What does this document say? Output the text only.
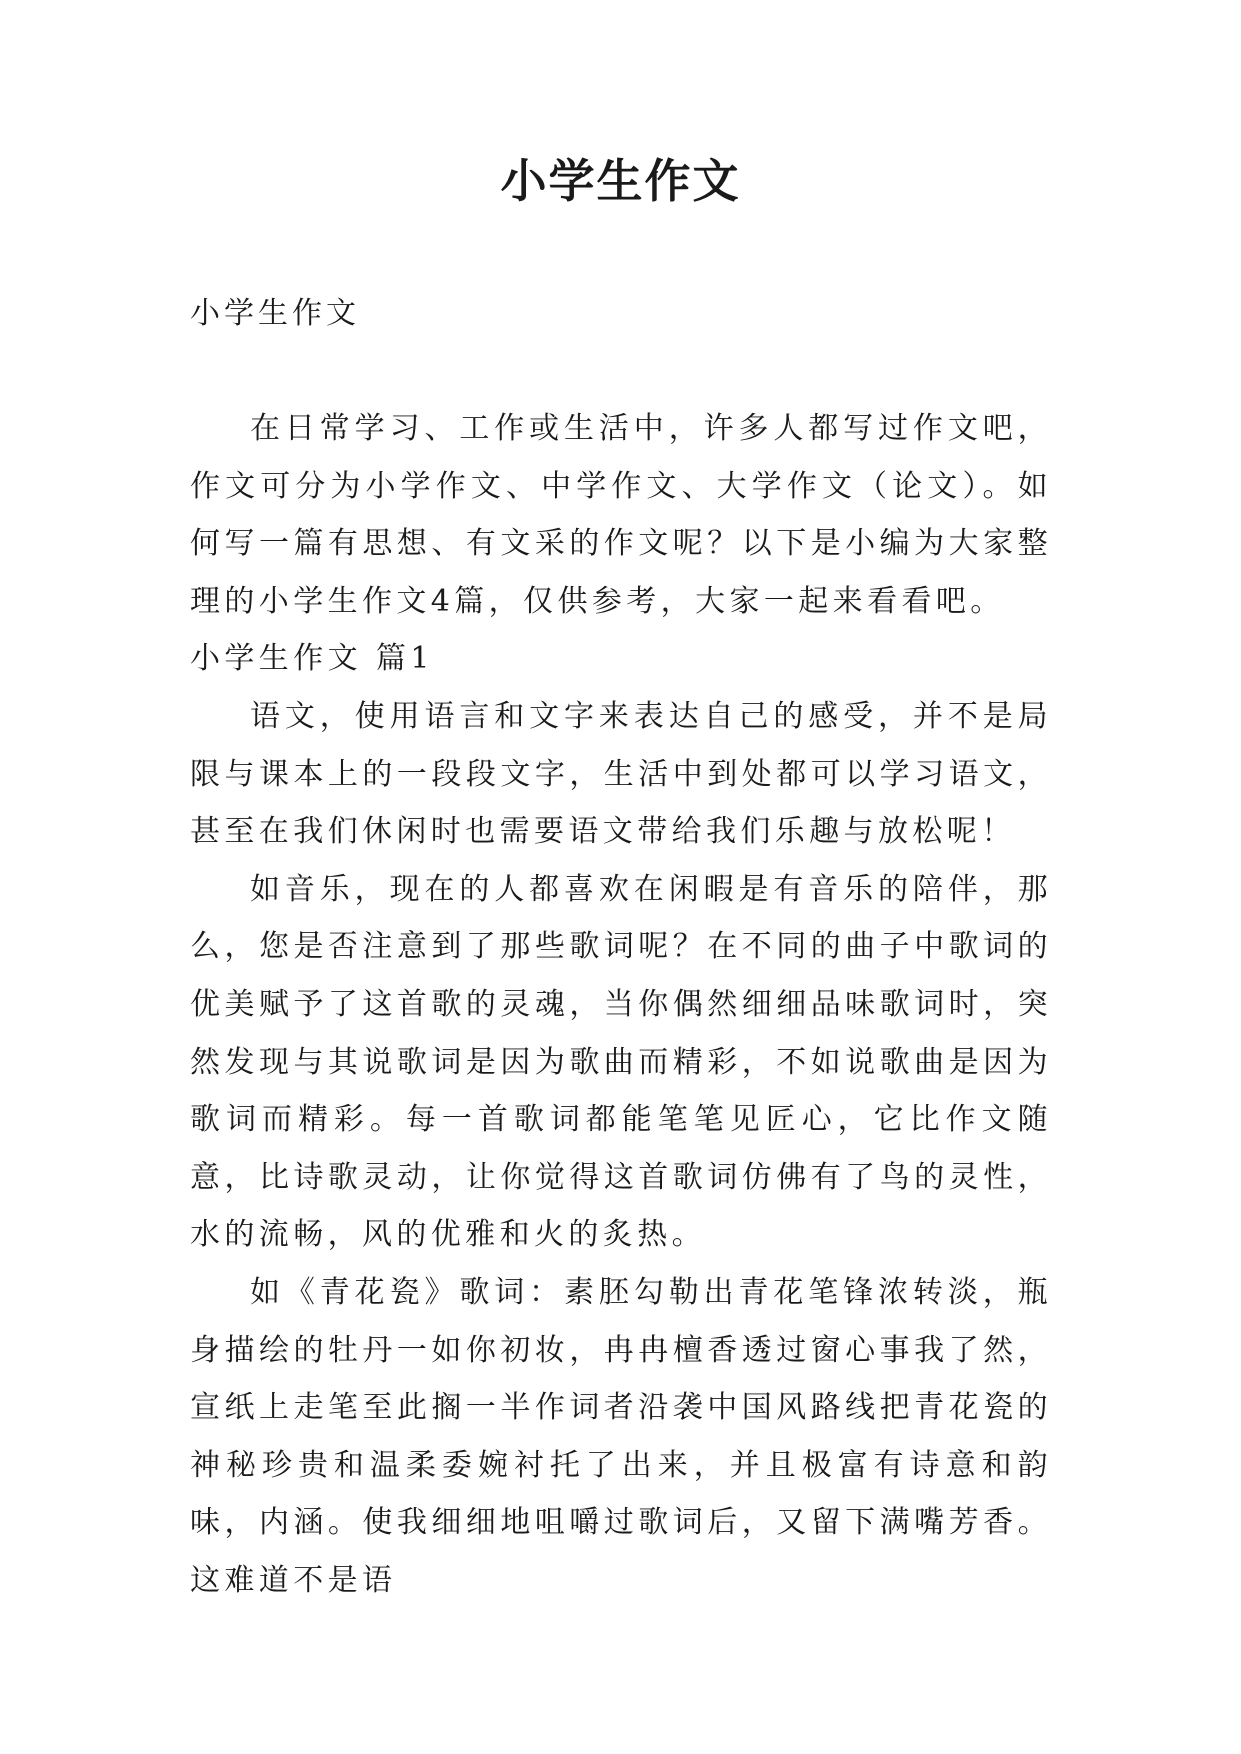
小学生作文

小学生作文

在日常学习、工作或生活中，许多人都写过作文吧，作文可分为小学作文、中学作文、大学作文（论文）。如何写一篇有思想、有文采的作文呢？以下是小编为大家整理的小学生作文4篇，仅供参考，大家一起来看看吧。

小学生作文 篇1

语文，使用语言和文字来表达自己的感受，并不是局限与课本上的一段段文字，生活中到处都可以学习语文，甚至在我们休闲时也需要语文带给我们乐趣与放松呢！

如音乐，现在的人都喜欢在闲暇是有音乐的陪伴，那么，您是否注意到了那些歌词呢？在不同的曲子中歌词的优美赋予了这首歌的灵魂，当你偶然细细品味歌词时，突然发现与其说歌词是因为歌曲而精彩，不如说歌曲是因为歌词而精彩。每一首歌词都能笔笔见匠心，它比作文随意，比诗歌灵动，让你觉得这首歌词仿佛有了鸟的灵性，水的流畅，风的优雅和火的炙热。

如《青花瓷》歌词：素胚勾勒出青花笔锋浓转淡，瓶身描绘的牡丹一如你初妆，冉冉檀香透过窗心事我了然，宣纸上走笔至此搁一半作词者沿袭中国风路线把青花瓷的神秘珍贵和温柔委婉衬托了出来，并且极富有诗意和韵味，内涵。使我细细地咀嚼过歌词后，又留下满嘴芳香。这难道不是语
